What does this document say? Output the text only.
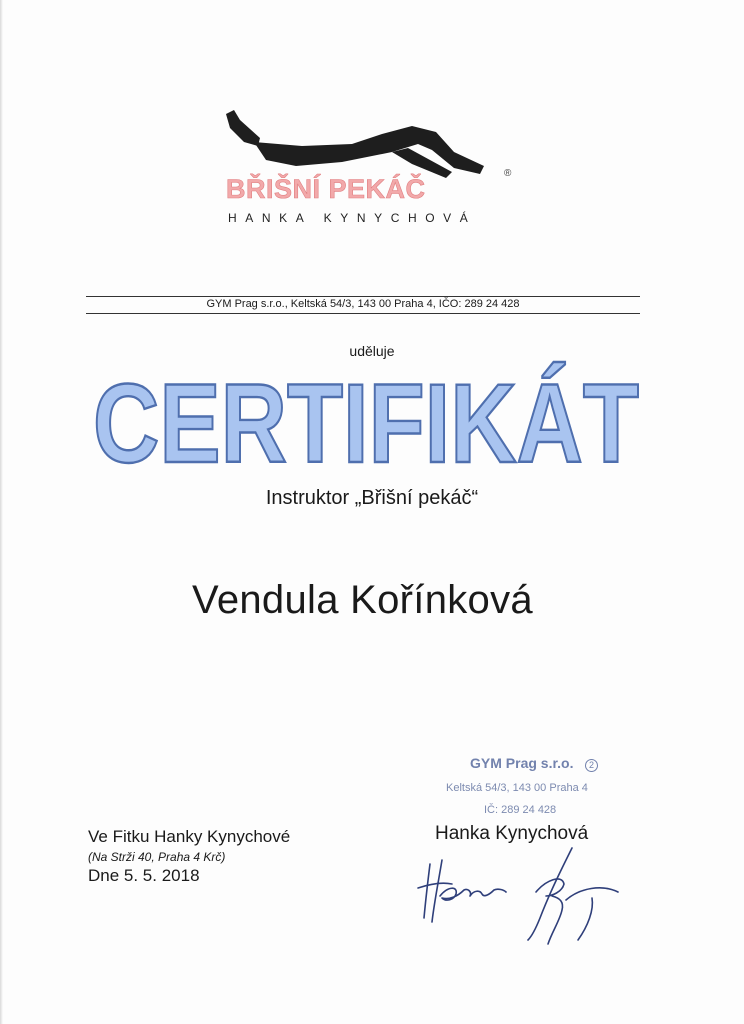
BŘIŠNÍ PEKÁČ
®
HANKA KYNYCHOVÁ
GYM Prag s.r.o., Keltská 54/3, 143 00 Praha 4, IČO: 289 24 428
uděluje
CERTIFIKÁT
Instruktor „Břišní pekáč“
Vendula Kořínková
GYM Prag s.r.o.	2
Keltská 54/3, 143 00 Praha 4
IČ: 289 24 428
Hanka Kynychová
Ve Fitku Hanky Kynychové
(Na Strži 40, Praha 4 Krč)
Dne 5. 5. 2018
